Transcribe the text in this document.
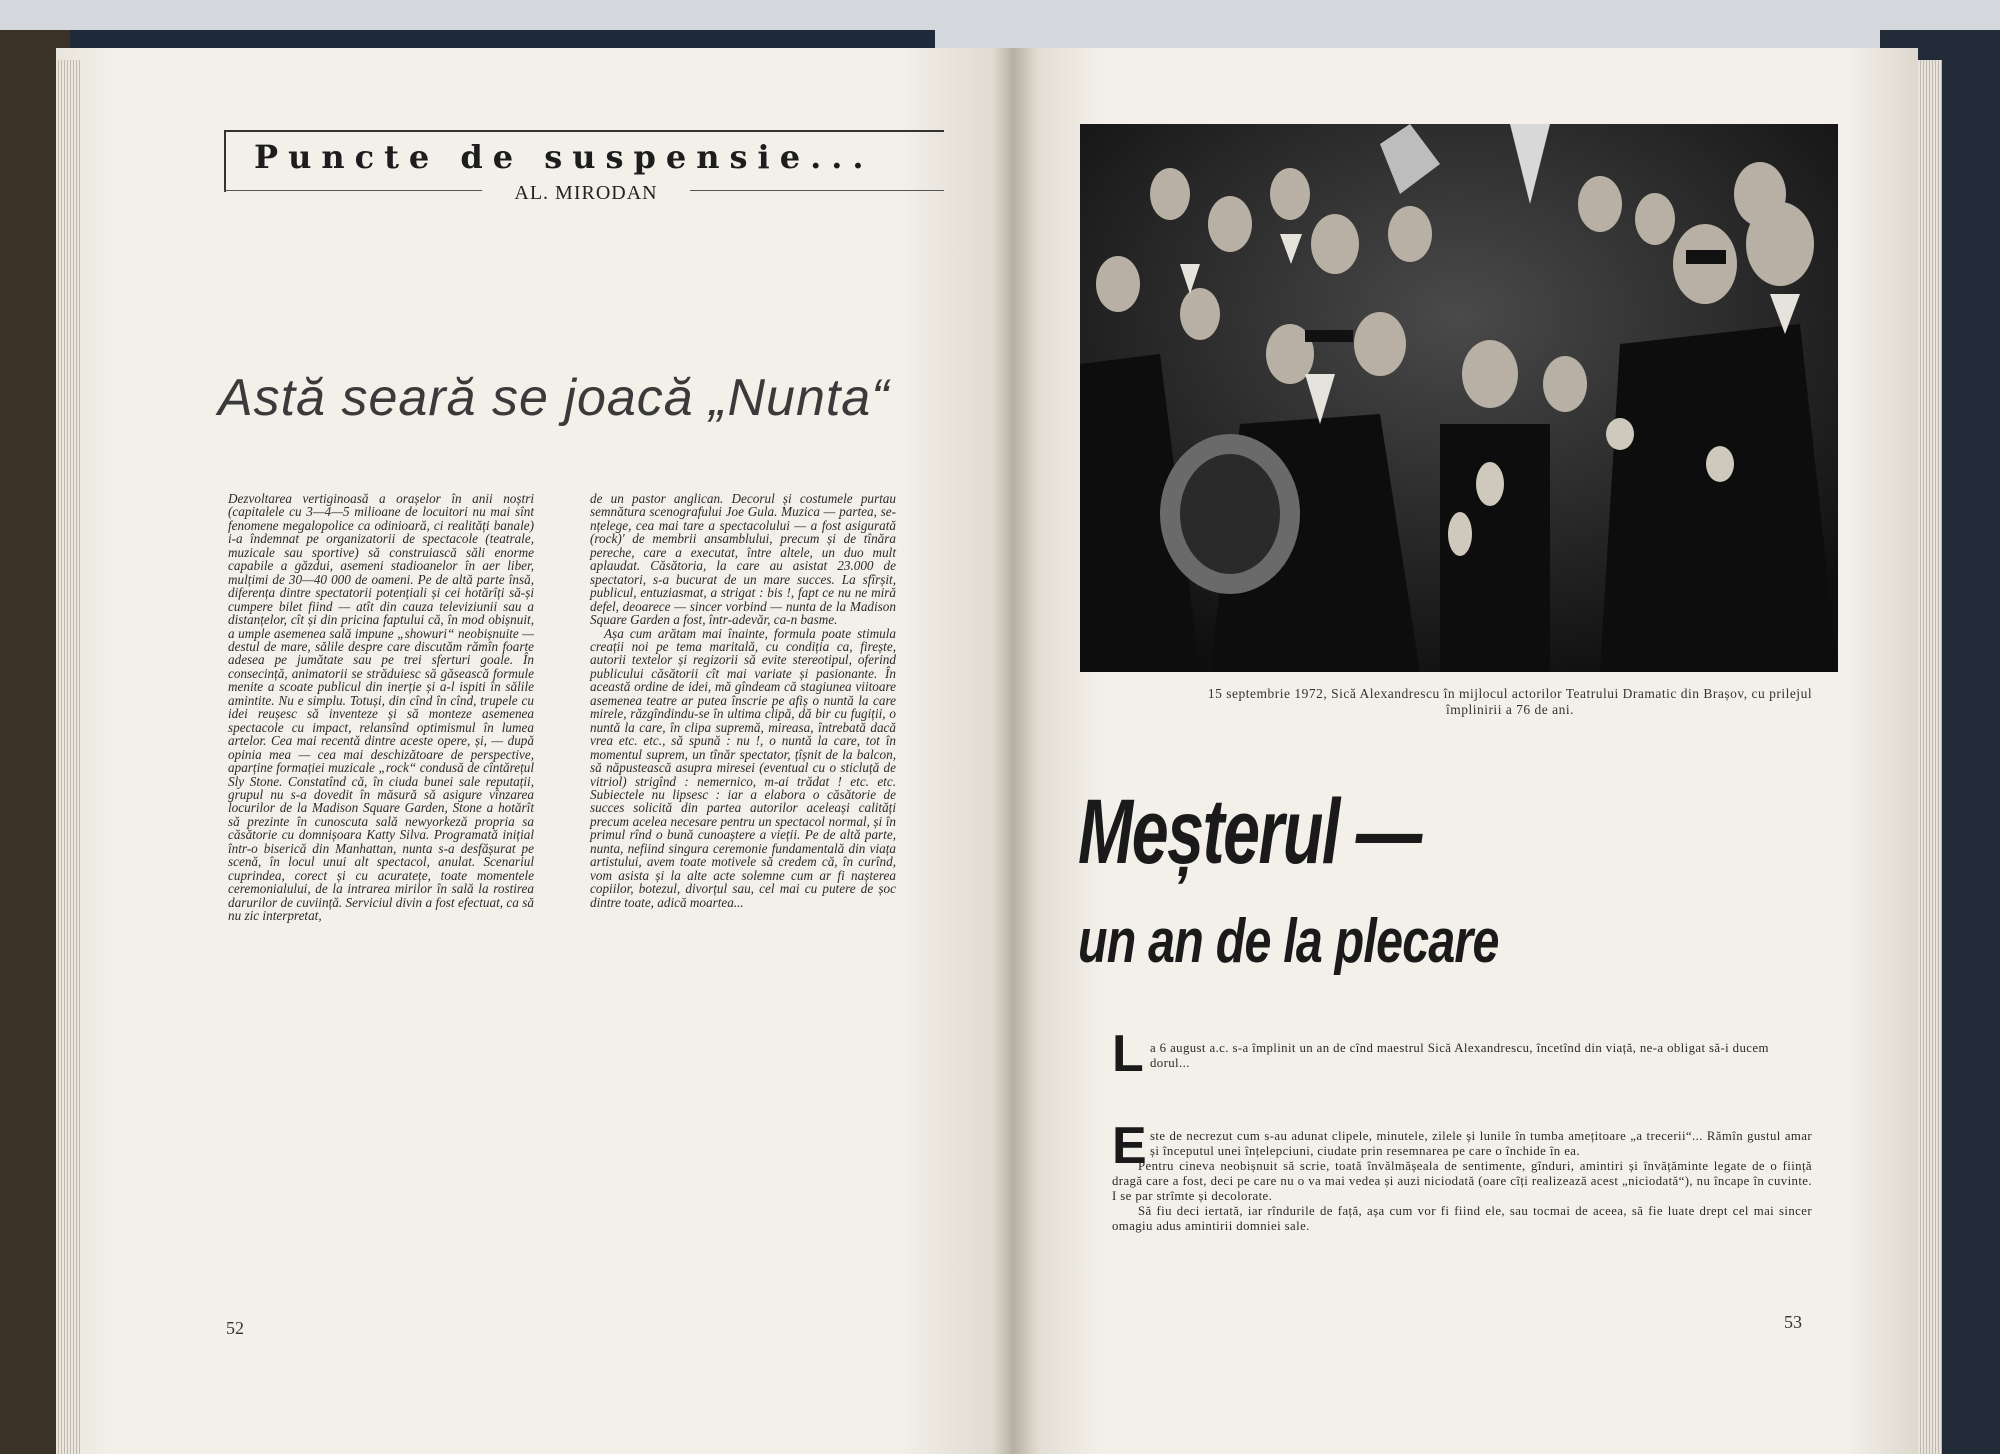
Puncte de suspensie...
AL. MIRODAN
Astă seară se joacă „Nunta“

Dezvoltarea vertiginoasă a orașelor în anii noștri (capitalele cu 3—4—5 milioane de locuitori nu mai sînt fenomene megalopolice ca odinioară, ci realități banale) i-a îndemnat pe organizatorii de spectacole (teatrale, muzicale sau sportive) să construiască săli enorme capabile a găzdui, asemeni stadioanelor în aer liber, mulțimi de 30—40 000 de oameni. Pe de altă parte însă, diferența dintre spectatorii potențiali și cei hotărîți să-și cumpere bilet fiind — atît din cauza televiziunii sau a distanțelor, cît și din pricina faptului că, în mod obișnuit, a umple asemenea sală impune „showuri“ neobișnuite — destul de mare, sălile despre care discutăm rămîn foarte adesea pe jumătate sau pe trei sferturi goale. În consecință, animatorii se străduiesc să găsească formule menite a scoate publicul din inerție și a-l ispiti în sălile amintite. Nu e simplu. Totuși, din cînd în cînd, trupele cu idei reușesc să inventeze și să monteze asemenea spectacole cu impact, relansînd optimismul în lumea artelor. Cea mai recentă dintre aceste opere, și, — după opinia mea — cea mai deschizătoare de perspective, aparține formației muzicale „rock“ condusă de cîntărețul Sly Stone. Constatînd că, în ciuda bunei sale reputații, grupul nu s-a dovedit în măsură să asigure vînzarea locurilor de la Madison Square Garden, Stone a hotărît să prezinte în cunoscuta sală newyorkeză propria sa căsătorie cu domnișoara Katty Silva. Programată inițial într-o biserică din Manhattan, nunta s-a desfășurat pe scenă, în locul unui alt spectacol, anulat. Scenariul cuprindea, corect și cu acuratețe, toate momentele ceremonialului, de la intrarea mirilor în sală la rostirea darurilor de cuviință. Serviciul divin a fost efectuat, ca să nu zic interpretat,

de un pastor anglican. Decorul și costumele purtau semnătura scenografului Joe Gula. Muzica — partea, se-nțelege, cea mai tare a spectacolului — a fost asigurată (rock)' de membrii ansamblului, precum și de tînăra pereche, care a executat, între altele, un duo mult aplaudat. Căsătoria, la care au asistat 23.000 de spectatori, s-a bucurat de un mare succes. La sfîrșit, publicul, entuziasmat, a strigat : bis !, fapt ce nu ne miră defel, deoarece — sincer vorbind — nunta de la Madison Square Garden a fost, într-adevăr, ca-n basme.

Așa cum arătam mai înainte, formula poate stimula creații noi pe tema maritală, cu condiția ca, firește, autorii textelor și regizorii să evite stereotipul, oferind publicului căsătorii cît mai variate și pasionante. În această ordine de idei, mă gîndeam că stagiunea viitoare asemenea teatre ar putea înscrie pe afiș o nuntă la care mirele, răzgîndindu-se în ultima clipă, dă bir cu fugiții, o nuntă la care, în clipa supremă, mireasa, întrebată dacă vrea etc. etc., să spună : nu !, o nuntă la care, tot în momentul suprem, un tînăr spectator, țîșnit de la balcon, să năpustească asupra miresei (eventual cu o sticluță de vitriol) strigînd : nemernico, m-ai trădat ! etc. etc. Subiectele nu lipsesc : iar a elabora o căsătorie de succes solicită din partea autorilor aceleași calități precum acelea necesare pentru un spectacol normal, și în primul rînd o bună cunoaștere a vieții. Pe de altă parte, nunta, nefiind singura ceremonie fundamentală din viața artistului, avem toate motivele să credem că, în curînd, vom asista și la alte acte solemne cum ar fi nașterea copiilor, botezul, divorțul sau, cel mai cu putere de șoc dintre toate, adică moartea...

52
15 septembrie 1972, Sică Alexandrescu în mijlocul actorilor Teatrului Dramatic din Brașov, cu prilejul împlinirii a 76 de ani.
Meșterul —
un an de la plecare
L a 6 august a.c. s-a împlinit un an de cînd maestrul Sică Alexandrescu, încetînd din viață, ne-a obligat să-i ducem dorul...
E ste de necrezut cum s-au adunat clipele, minutele, zilele și lunile în tumba amețitoare „a trecerii“... Rămîn gustul amar și începutul unei înțelepciuni, ciudate prin resemnarea pe care o închide în ea.

Pentru cineva neobișnuit să scrie, toată învălmășeala de sentimente, gînduri, amintiri și învățăminte legate de o ființă dragă care a fost, deci pe care nu o va mai vedea și auzi niciodată (oare cîți realizează acest „niciodată“), nu încape în cuvinte. I se par strîmte și decolorate.

Să fiu deci iertată, iar rîndurile de față, așa cum vor fi fiind ele, sau tocmai de aceea, să fie luate drept cel mai sincer omagiu adus amintirii domniei sale.

53
